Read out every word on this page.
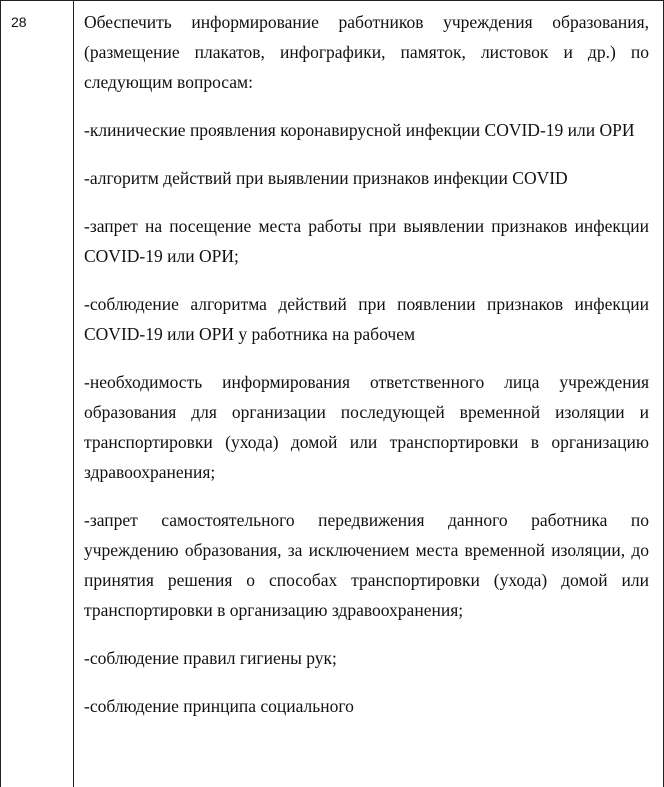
28	Обеспечить информирование работников учреждения образования, (размещение плакатов, инфографики, памяток, листовок и др.) по следующим вопросам:

-клинические проявления коронавирусной инфекции COVID-19 или ОРИ

-алгоритм действий при выявлении признаков инфекции COVID

-запрет на посещение места работы при выявлении признаков инфекции COVID-19 или ОРИ;

-соблюдение алгоритма действий при появлении признаков инфекции COVID-19 или ОРИ у работника на рабочем

-необходимость информирования ответственного лица учреждения образования для организации последующей временной изоляции и транспортировки (ухода) домой или транспортировки в организацию здравоохранения;

-запрет самостоятельного передвижения данного работника по учреждению образования, за исключением места временной изоляции, до принятия решения о способах транспортировки (ухода) домой или транспортировки в организацию здравоохранения;

-соблюдение правил гигиены рук;

-соблюдение принципа социального
